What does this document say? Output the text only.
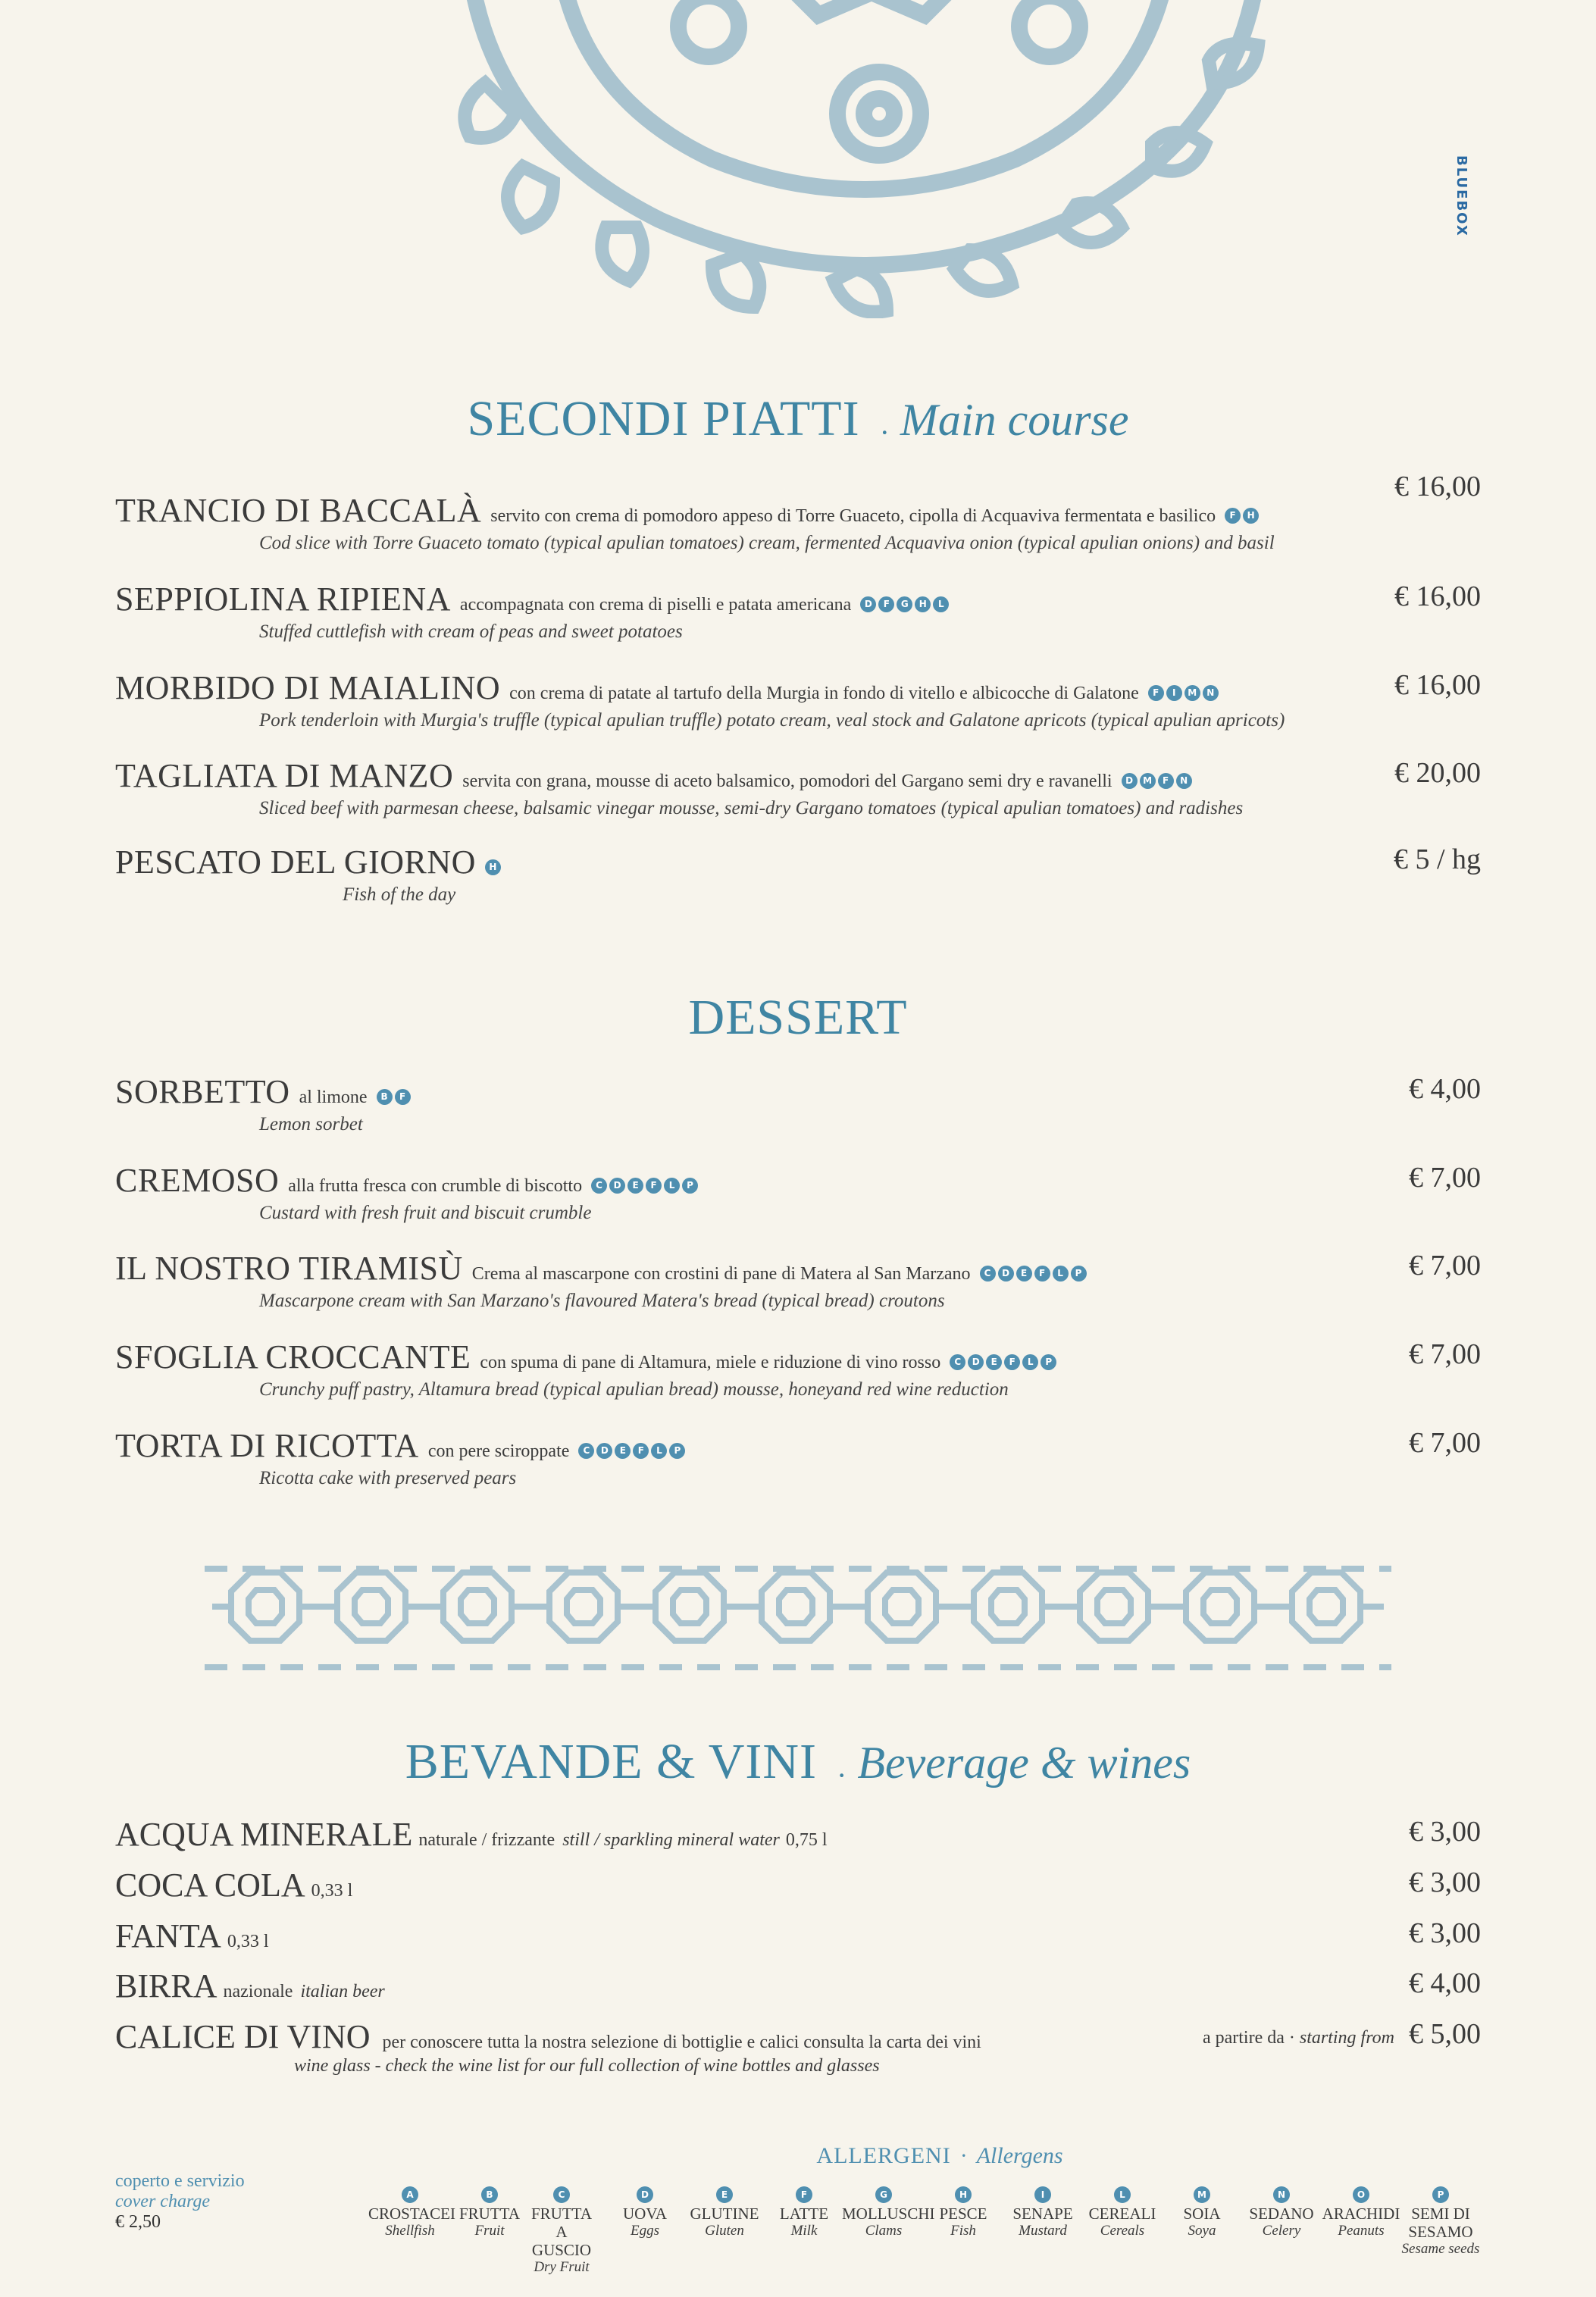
BLUEBOX
SECONDI PIATTI · Main course
TRANCIO DI BACCALÀ servito con crema di pomodoro appeso di Torre Guaceto, cipolla di Acquaviva fermentata e basilico F H
Cod slice with Torre Guaceto tomato (typical apulian tomatoes) cream, fermented Acquaviva onion (typical apulian onions) and basil
€ 16,00
SEPPIOLINA RIPIENA accompagnata con crema di piselli e patata americana D F G H L
Stuffed cuttlefish with cream of peas and sweet potatoes
€ 16,00
MORBIDO DI MAIALINO con crema di patate al tartufo della Murgia in fondo di vitello e albicocche di Galatone F I M N
Pork tenderloin with Murgia's truffle (typical apulian truffle) potato cream, veal stock and Galatone apricots (typical apulian apricots)
€ 16,00
TAGLIATA DI MANZO servita con grana, mousse di aceto balsamico, pomodori del Gargano semi dry e ravanelli D M F N
Sliced beef with parmesan cheese, balsamic vinegar mousse, semi-dry Gargano tomatoes (typical apulian tomatoes) and radishes
€ 20,00
PESCATO DEL GIORNO H
Fish of the day
€ 5 / hg
DESSERT
SORBETTO al limone B F
Lemon sorbet
€ 4,00
CREMOSO alla frutta fresca con crumble di biscotto C D E F L P
Custard with fresh fruit and biscuit crumble
€ 7,00
IL NOSTRO TIRAMISÙ Crema al mascarpone con crostini di pane di Matera al San Marzano C D E F L P
Mascarpone cream with San Marzano's flavoured Matera's bread (typical bread) croutons
€ 7,00
SFOGLIA CROCCANTE con spuma di pane di Altamura, miele e riduzione di vino rosso C D E F L P
Crunchy puff pastry, Altamura bread (typical apulian bread) mousse, honeyand red wine reduction
€ 7,00
TORTA DI RICOTTA con pere sciroppate C D E F L P
Ricotta cake with preserved pears
€ 7,00
BEVANDE & VINI · Beverage & wines
ACQUA MINERALE naturale / frizzante still / sparkling mineral water 0,75 l	€ 3,00
COCA COLA 0,33 l	€ 3,00
FANTA 0,33 l	€ 3,00
BIRRA nazionale italian beer	€ 4,00
CALICE DI VINO per conoscere tutta la nostra selezione di bottiglie e calici consulta la carta dei vini
wine glass - check the wine list for our full collection of wine bottles and glasses
a partire da · starting from € 5,00
coperto e servizio
cover charge
€ 2,50
ALLERGENI · Allergens
A
CROSTACEI
Shellfish
B
FRUTTA
Fruit
C
FRUTTA A GUSCIO
Dry Fruit
D
UOVA
Eggs
E
GLUTINE
Gluten
F
LATTE
Milk
G
MOLLUSCHI
Clams
H
PESCE
Fish
I
SENAPE
Mustard
L
CEREALI
Cereals
M
SOIA
Soya
N
SEDANO
Celery
O
ARACHIDI
Peanuts
P
SEMI DI SESAMO
Sesame seeds
